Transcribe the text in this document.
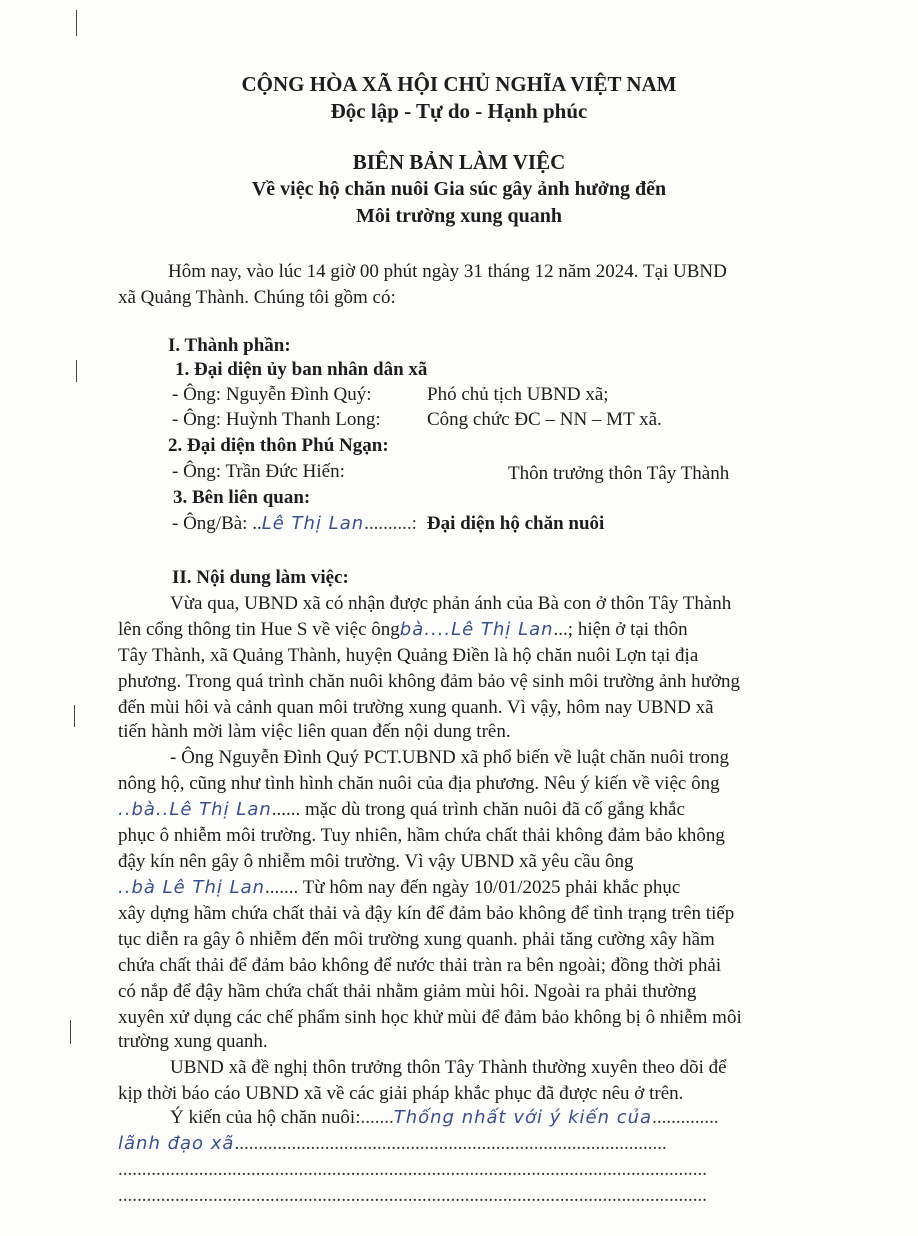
CỘNG HÒA XÃ HỘI CHỦ NGHĨA VIỆT NAM
Độc lập - Tự do - Hạnh phúc
BIÊN BẢN LÀM VIỆC
Về việc hộ chăn nuôi Gia súc gây ảnh hưởng đến
Môi trường xung quanh
Hôm nay, vào lúc 14 giờ 00 phút ngày 31 tháng 12 năm 2024. Tại UBND
xã Quảng Thành. Chúng tôi gồm có:
I. Thành phần:
1. Đại diện ủy ban nhân dân xã
- Ông: Nguyễn Đình Quý:	Phó chủ tịch UBND xã;
- Ông: Huỳnh Thanh Long: Công chức ĐC – NN – MT xã.
2. Đại diện thôn Phú Ngạn:
- Ông: Trần Đức Hiến:	Thôn trưởng thôn Tây Thành
3. Bên liên quan:
- Ông/Bà: ..Lê Thị Lan..........: Đại diện hộ chăn nuôi
II. Nội dung làm việc:
Vừa qua, UBND xã có nhận được phản ánh của Bà con ở thôn Tây Thành
lên cổng thông tin Hue S về việc ôngbà....Lê Thị Lan...; hiện ở tại thôn
Tây Thành, xã Quảng Thành, huyện Quảng Điền là hộ chăn nuôi Lợn tại địa
phương. Trong quá trình chăn nuôi không đảm bảo vệ sinh môi trường ảnh hưởng
đến mùi hôi và cảnh quan môi trường xung quanh. Vì vậy, hôm nay UBND xã
tiến hành mời làm việc liên quan đến nội dung trên.
- Ông Nguyễn Đình Quý PCT.UBND xã phổ biến về luật chăn nuôi trong
nông hộ, cũng như tình hình chăn nuôi của địa phương. Nêu ý kiến về việc ông
..bà..Lê Thị Lan...... mặc dù trong quá trình chăn nuôi đã cố gắng khắc
phục ô nhiễm môi trường. Tuy nhiên, hầm chứa chất thải không đảm bảo không
đậy kín nên gây ô nhiễm môi trường. Vì vậy UBND xã yêu cầu ông
..bà Lê Thị Lan....... Từ hôm nay đến ngày 10/01/2025 phải khắc phục
xây dựng hầm chứa chất thải và đậy kín để đảm bảo không để tình trạng trên tiếp
tục diễn ra gây ô nhiễm đến môi trường xung quanh. phải tăng cường xây hầm
chứa chất thải để đảm bảo không để nước thải tràn ra bên ngoài; đồng thời phải
có nắp để đậy hầm chứa chất thải nhằm giảm mùi hôi. Ngoài ra phải thường
xuyên xử dụng các chế phẩm sinh học khử mùi để đảm bảo không bị ô nhiễm môi
trường xung quanh.
UBND xã đề nghị thôn trưởng thôn Tây Thành thường xuyên theo dõi để
kịp thời báo cáo UBND xã về các giải pháp khắc phục đã được nêu ở trên.
Ý kiến của hộ chăn nuôi:.......Thống nhất với ý kiến của..............
lãnh đạo xã...........................................................................................
............................................................................................................................
............................................................................................................................
